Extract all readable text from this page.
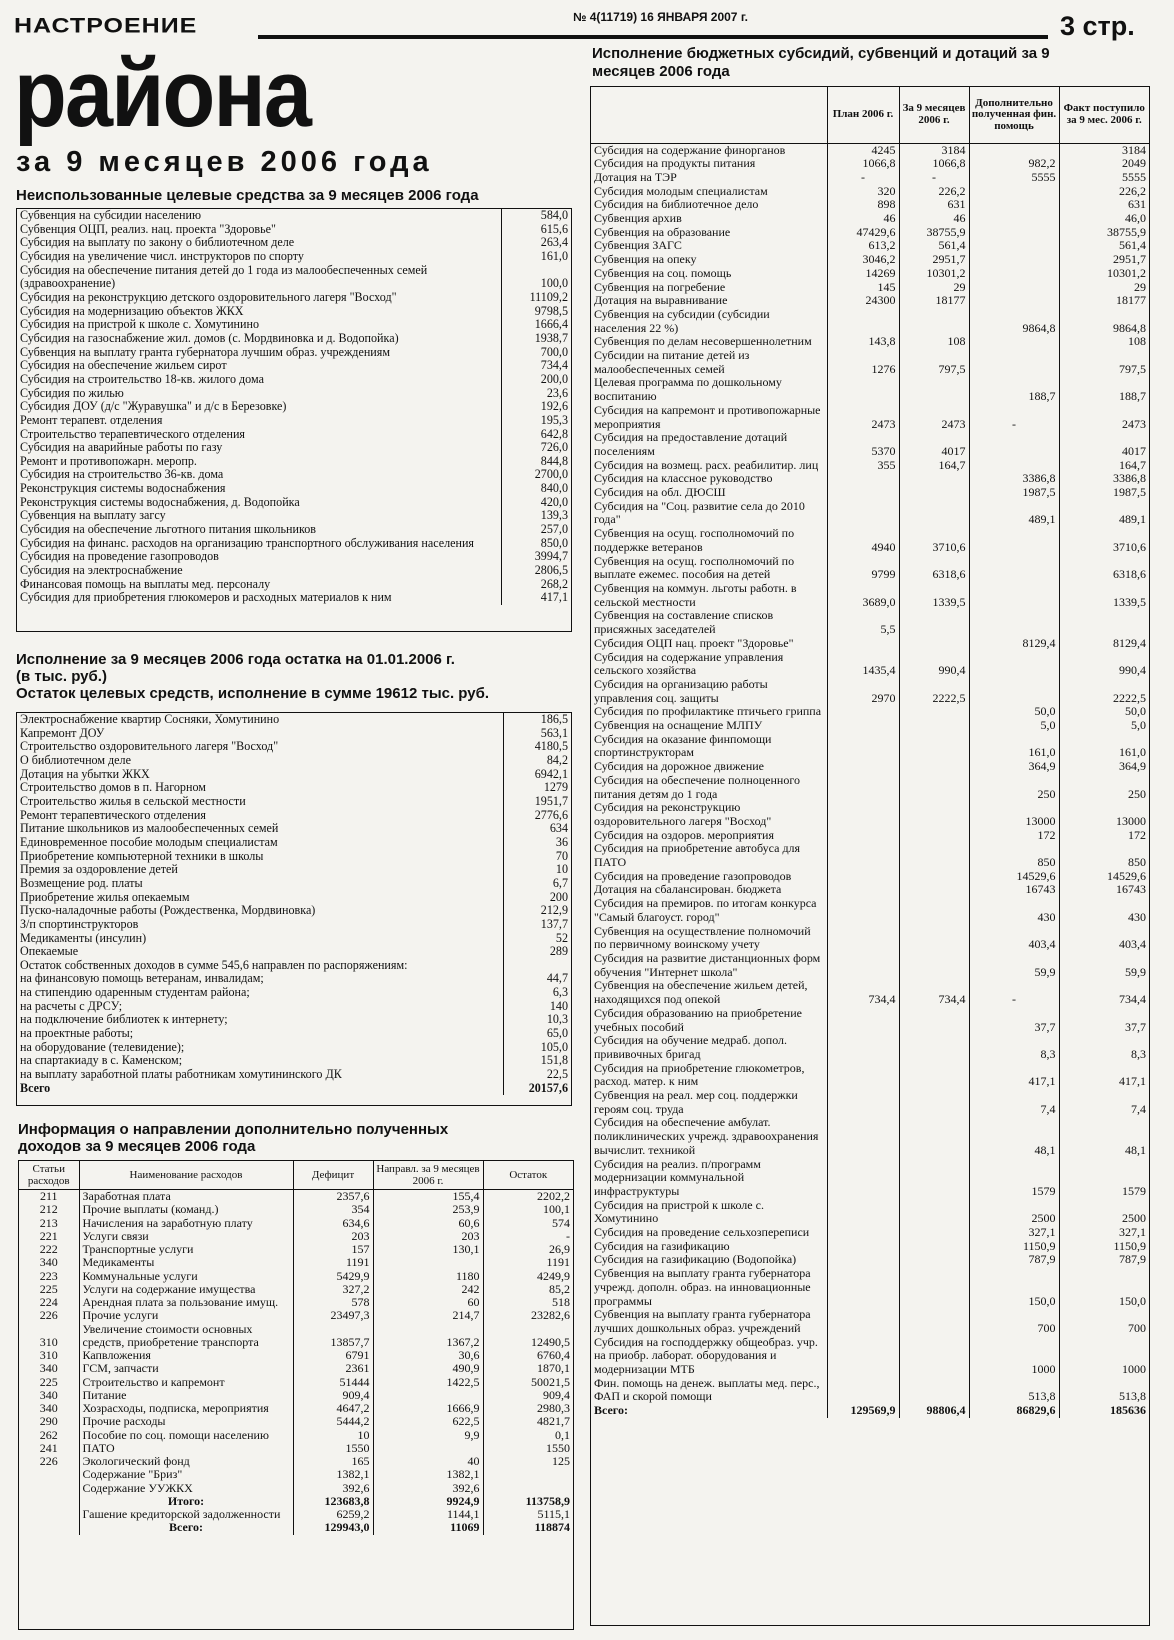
НАСТРОЕНИЕ	№ 4(11719) 16 ЯНВАРЯ 2007 г.	3 стр.
района
за 9 месяцев 2006 года
Неиспользованные целевые средства за 9 месяцев 2006 года
Субвенция на субсидии населению	584,0
Субвенция ОЦП, реализ. нац. проекта "Здоровье"	615,6
Субсидия на выплату по закону о библиотечном деле	263,4
Субсидия на увеличение числ. инструкторов по спорту	161,0
Субсидия на обеспечение питания детей до 1 года из малообеспеченных семей (здравоохранение)	100,0
Субсидия на реконструкцию детского оздоровительного лагеря "Восход"	11109,2
Субсидия на модернизацию объектов ЖКХ	9798,5
Субсидия на пристрой к школе с. Хомутинино	1666,4
Субсидия на газоснабжение жил. домов (с. Мордвиновка и д. Водопойка)	1938,7
Субвенция на выплату гранта губернатора лучшим образ. учреждениям	700,0
Субсидия на обеспечение жильем сирот	734,4
Субсидия на строительство 18-кв. жилого дома	200,0
Субсидия по жилью	23,6
Субсидия ДОУ (д/с "Журавушка" и д/с в Березовке)	192,6
Ремонт терапевт. отделения	195,3
Строительство терапевтического отделения	642,8
Субсидия на аварийные работы по газу	726,0
Ремонт и противопожарн. меропр.	844,8
Субсидия на строительство 36-кв. дома	2700,0
Реконструкция системы водоснабжения	840,0
Реконструкция системы водоснабжения, д. Водопойка	420,0
Субвенция на выплату загсу	139,3
Субсидия на обеспечение льготного питания школьников	257,0
Субсидия на финанс. расходов на организацию транспортного обслуживания населения	850,0
Субсидия на проведение газопроводов	3994,7
Субсидия на электроснабжение	2806,5
Финансовая помощь на выплаты мед. персоналу	268,2
Субсидия для приобретения глюкомеров и расходных материалов к ним	417,1
Исполнение за 9 месяцев 2006 года остатка на 01.01.2006 г.
(в тыс. руб.)
Остаток целевых средств, исполнение в сумме 19612 тыс. руб.
Электроснабжение квартир Сосняки, Хомутинино	186,5
Капремонт ДОУ	563,1
Строительство оздоровительного лагеря "Восход"	4180,5
О библиотечном деле	84,2
Дотация на убытки ЖКХ	6942,1
Строительство домов в п. Нагорном	1279
Строительство жилья в сельской местности	1951,7
Ремонт терапевтического отделения	2776,6
Питание школьников из малообеспеченных семей	634
Единовременное пособие молодым специалистам	36
Приобретение компьютерной техники в школы	70
Премия за оздоровление детей	10
Возмещение род. платы	6,7
Приобретение жилья опекаемым	200
Пуско-наладочные работы (Рождественка, Мордвиновка)	212,9
З/п спортинструкторов	137,7
Медикаменты (инсулин)	52
Опекаемые	289
Остаток собственных доходов в сумме 545,6 направлен по распоряжениям:	
на финансовую помощь ветеранам, инвалидам;	44,7
на стипендию одаренным студентам района;	6,3
на расчеты с ДРСУ;	140
на подключение библиотек к интернету;	10,3
на проектные работы;	65,0
на оборудование (телевидение);	105,0
на спартакиаду в с. Каменском;	151,8
на выплату заработной платы работникам хомутининского ДК	22,5
Всего	20157,6
Информация о направлении дополнительно полученных
доходов за 9 месяцев 2006 года
Статьи расходов	Наименование расходов	Дефицит	Направл. за 9 месяцев 2006 г.	Остаток
211	Заработная плата	2357,6	155,4	2202,2
212	Прочие выплаты (команд.)	354	253,9	100,1
213	Начисления на заработную плату	634,6	60,6	574
221	Услуги связи	203	203	-
222	Транспортные услуги	157	130,1	26,9
340	Медикаменты	1191		1191
223	Коммунальные услуги	5429,9	1180	4249,9
225	Услуги на содержание имущества	327,2	242	85,2
224	Арендная плата за пользование имущ.	578	60	518
226	Прочие услуги	23497,3	214,7	23282,6
310	Увеличение стоимости основных средств, приобретение транспорта	13857,7	1367,2	12490,5
310	Капвложения	6791	30,6	6760,4
340	ГСМ, запчасти	2361	490,9	1870,1
225	Строительство и капремонт	51444	1422,5	50021,5
340	Питание	909,4		909,4
340	Хозрасходы, подписка, мероприятия	4647,2	1666,9	2980,3
290	Прочие расходы	5444,2	622,5	4821,7
262	Пособие по соц. помощи населению	10	9,9	0,1
241	ПАТО	1550		1550
226	Экологический фонд	165	40	125
	Содержание "Бриз"	1382,1	1382,1	
	Содержание УУЖКХ	392,6	392,6	
	Итого:	123683,8	9924,9	113758,9
	Гашение кредиторской задолженности	6259,2	1144,1	5115,1
	Всего:	129943,0	11069	118874
Исполнение бюджетных субсидий, субвенций и дотаций за 9
месяцев 2006 года
	План 2006 г.	За 9 месяцев 2006 г.	Дополнительно полученная фин. помощь	Факт поступило за 9 мес. 2006 г.
Субсидия на содержание финорганов	4245	3184		3184
Субсидия на продукты питания	1066,8	1066,8	982,2	2049
Дотация на ТЭР	-	-	5555	5555
Субсидия молодым специалистам	320	226,2		226,2
Субсидия на библиотечное дело	898	631		631
Субвенция архив	46	46		46,0
Субвенция на образование	47429,6	38755,9		38755,9
Субвенция ЗАГС	613,2	561,4		561,4
Субвенция на опеку	3046,2	2951,7		2951,7
Субвенция на соц. помощь	14269	10301,2		10301,2
Субвенция на погребение	145	29		29
Дотация на выравнивание	24300	18177		18177
Субвенция на субсидии (субсидии населения 22 %)			9864,8	9864,8
Субвенция по делам несовершеннолетним	143,8	108		108
Субсидии на питание детей из малообеспеченных семей	1276	797,5		797,5
Целевая программа по дошкольному воспитанию			188,7	188,7
Субсидия на капремонт и противопожарные мероприятия	2473	2473	-	2473
Субсидия на предоставление дотаций поселениям	5370	4017		4017
Субсидия на возмещ. расх. реабилитир. лиц	355	164,7		164,7
Субсидия на классное руководство			3386,8	3386,8
Субсидия на обл. ДЮСШ			1987,5	1987,5
Субсидия на "Соц. развитие села до 2010 года"			489,1	489,1
Субвенция на осущ. госполномочий по поддержке ветеранов	4940	3710,6		3710,6
Субвенция на осущ. госполномочий по выплате ежемес. пособия на детей	9799	6318,6		6318,6
Субвенция на коммун. льготы работн. в сельской местности	3689,0	1339,5		1339,5
Субвенция на составление списков присяжных заседателей	5,5			
Субсидия ОЦП нац. проект "Здоровье"			8129,4	8129,4
Субсидия на содержание управления сельского хозяйства	1435,4	990,4		990,4
Субсидия на организацию работы управления соц. защиты	2970	2222,5		2222,5
Субсидия по профилактике птичьего гриппа			50,0	50,0
Субвенция на оснащение МЛПУ			5,0	5,0
Субсидия на оказание финпомощи спортинструкторам			161,0	161,0
Субсидия на дорожное движение			364,9	364,9
Субсидия на обеспечение полноценного питания детям до 1 года			250	250
Субсидия на реконструкцию оздоровительного лагеря "Восход"			13000	13000
Субсидия на оздоров. мероприятия			172	172
Субсидия на приобретение автобуса для ПАТО			850	850
Субсидия на проведение газопроводов			14529,6	14529,6
Дотация на сбалансирован. бюджета			16743	16743
Субсидия на премиров. по итогам конкурса "Самый благоуст. город"			430	430
Субвенция на осуществление полномочий по первичному воинскому учету			403,4	403,4
Субсидия на развитие дистанционных форм обучения "Интернет школа"			59,9	59,9
Субвенция на обеспечение жильем детей, находящихся под опекой	734,4	734,4	-	734,4
Субсидия образованию на приобретение учебных пособий			37,7	37,7
Субсидия на обучение медраб. допол. прививочных бригад			8,3	8,3
Субсидия на приобретение глюкометров, расход. матер. к ним			417,1	417,1
Субвенция на реал. мер соц. поддержки героям соц. труда			7,4	7,4
Субсидия на обеспечение амбулат. поликлинических учрежд. здравоохранения вычислит. техникой			48,1	48,1
Субсидия на реализ. п/программ модернизации коммунальной инфраструктуры			1579	1579
Субсидия на пристрой к школе с. Хомутинино			2500	2500
Субсидия на проведение сельхозпереписи			327,1	327,1
Субсидия на газификацию			1150,9	1150,9
Субсидия на газификацию (Водопойка)			787,9	787,9
Субвенция на выплату гранта губернатора учрежд. дополн. образ. на инновационные программы			150,0	150,0
Субвенция на выплату гранта губернатора лучших дошкольных образ. учреждений			700	700
Субсидия на господдержку общеобраз. учр. на приобр. лаборат. оборудования и модернизации МТБ			1000	1000
Фин. помощь на денеж. выплаты мед. перс., ФАП и скорой помощи			513,8	513,8
Всего:	129569,9	98806,4	86829,6	185636
